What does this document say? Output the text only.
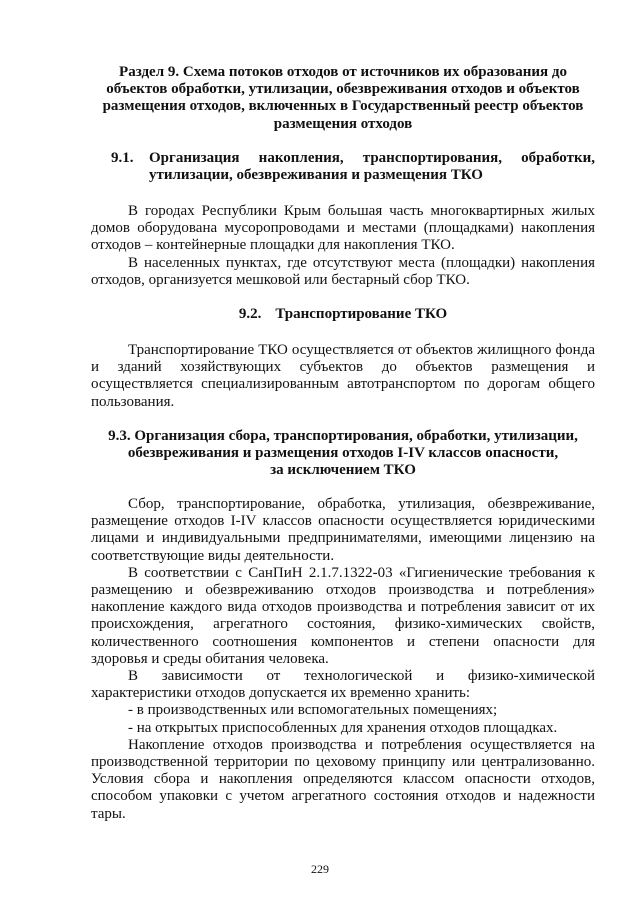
Раздел 9. Схема потоков отходов от источников их образования до объектов обработки, утилизации, обезвреживания отходов и объектов размещения отходов, включенных в Государственный реестр объектов размещения отходов
9.1.	Организация накопления, транспортирования, обработки, утилизации, обезвреживания и размещения ТКО

В городах Республики Крым большая часть многоквартирных жилых домов оборудована мусоропроводами и местами (площадками) накопления отходов – контейнерные площадки для накопления ТКО.

В населенных пунктах, где отсутствуют места (площадки) накопления отходов, организуется мешковой или бестарный сбор ТКО.

9.2. Транспортирование ТКО

Транспортирование ТКО осуществляется от объектов жилищного фонда и зданий хозяйствующих субъектов до объектов размещения и осуществляется специализированным автотранспортом по дорогам общего пользования.

9.3. Организация сбора, транспортирования, обработки, утилизации,
обезвреживания и размещения отходов I-IV классов опасности,
за исключением ТКО

Сбор, транспортирование, обработка, утилизация, обезвреживание, размещение отходов I-IV классов опасности осуществляется юридическими лицами и индивидуальными предпринимателями, имеющими лицензию на соответствующие виды деятельности.

В соответствии с СанПиН 2.1.7.1322-03 «Гигиенические требования к размещению и обезвреживанию отходов производства и потребления» накопление каждого вида отходов производства и потребления зависит от их происхождения, агрегатного состояния, физико-химических свойств, количественного соотношения компонентов и степени опасности для здоровья и среды обитания человека.

В зависимости от технологической и физико-химической характеристики отходов допускается их временно хранить:

- в производственных или вспомогательных помещениях;

- на открытых приспособленных для хранения отходов площадках.

Накопление отходов производства и потребления осуществляется на производственной территории по цеховому принципу или централизованно. Условия сбора и накопления определяются классом опасности отходов, способом упаковки с учетом агрегатного состояния отходов и надежности тары.

229
